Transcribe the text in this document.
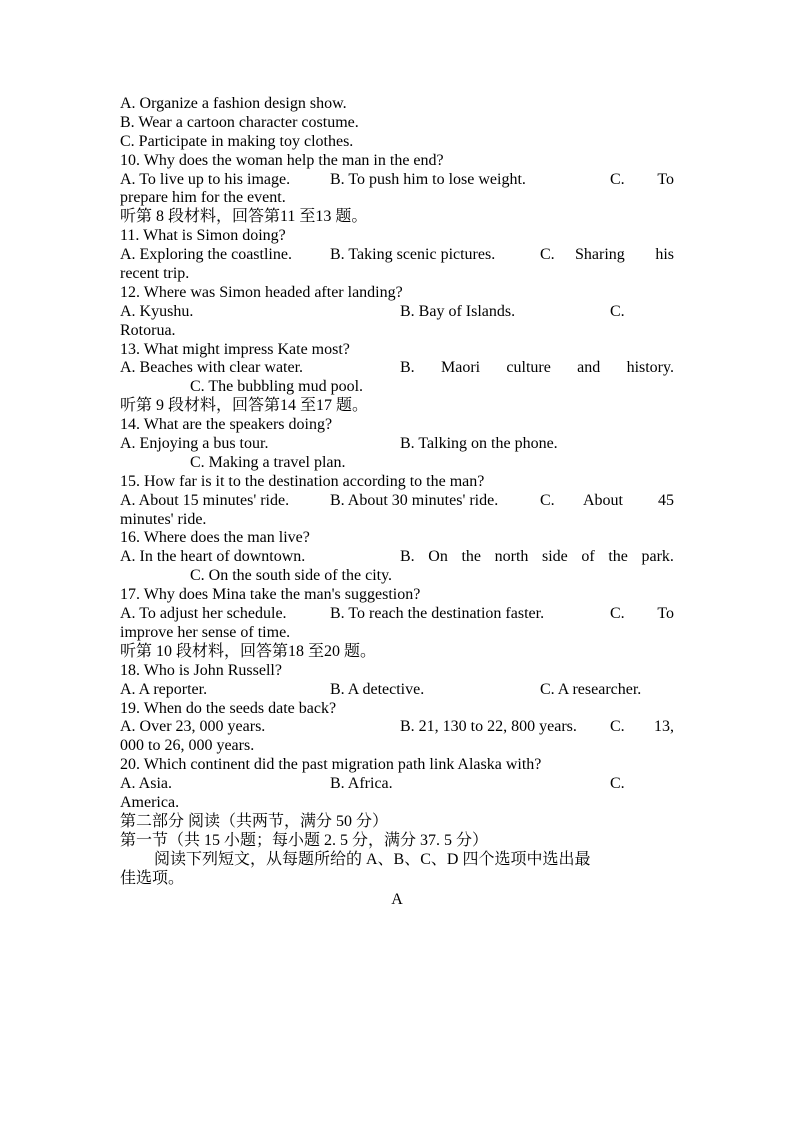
A. Organize a fashion design show.
B. Wear a cartoon character costume.
C. Participate in making toy clothes.
10. Why does the woman help the man in the end?
A. To live up to his image. B. To push him to lose weight.	C. To
prepare him for the event.
听第 8 段材料，回答第11 至13 题。
11. What is Simon doing?
A. Exploring the coastline. B. Taking scenic pictures.	C. Sharing his
recent trip.
12. Where was Simon headed after landing?
A. Kyushu.	B. Bay of Islands.	C.
Rotorua.
13. What might impress Kate most?
A. Beaches with clear water.	B. Maori culture and history.
C. The bubbling mud pool.
听第 9 段材料，回答第14 至17 题。
14. What are the speakers doing?
A. Enjoying a bus tour.	B. Talking on the phone.
C. Making a travel plan.
15. How far is it to the destination according to the man?
A. About 15 minutes' ride.	B. About 30 minutes' ride.	C. About 45
minutes' ride.
16. Where does the man live?
A. In the heart of downtown.	B. On the north side of the park.
C. On the south side of the city.
17. Why does Mina take the man's suggestion?
A. To adjust her schedule.	B. To reach the destination faster.	C. To
improve her sense of time.
听第 10 段材料，回答第18 至20 题。
18. Who is John Russell?
A. A reporter.	B. A detective.	C. A researcher.
19. When do the seeds date back?
A. Over 23, 000 years.	B. 21, 130 to 22, 800 years. C. 13,
000 to 26, 000 years.
20. Which continent did the past migration path link Alaska with?
A. Asia.	B. Africa.	C.
America.
第二部分 阅读（共两节，满分 50 分）
第一节（共 15 小题；每小题 2. 5 分，满分 37. 5 分）
阅读下列短文，从每题所给的 A、B、C、D 四个选项中选出最
佳选项。
A
